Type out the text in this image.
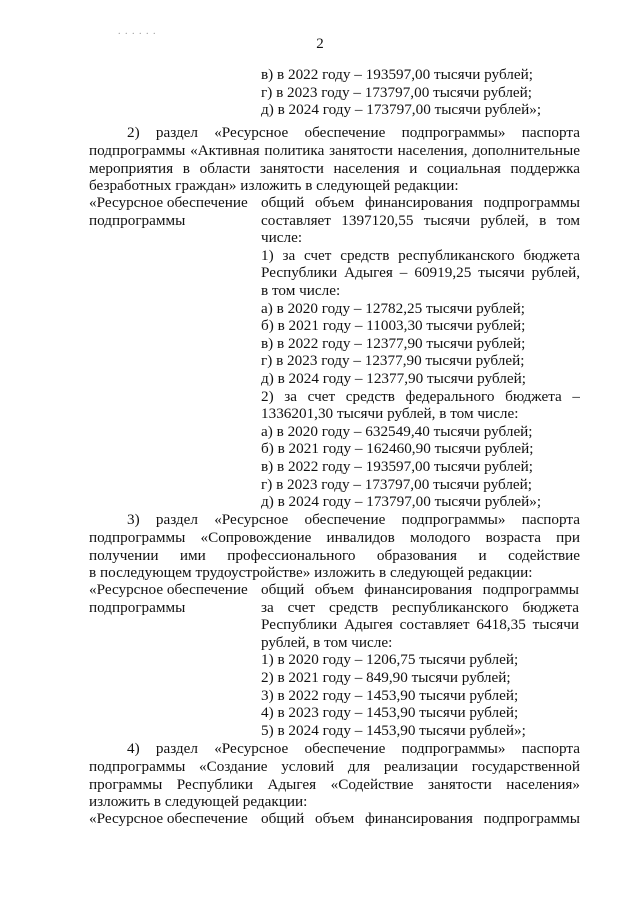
. . . . . .
2
в) в 2022 году – 193597,00 тысячи рублей;
г) в 2023 году – 173797,00 тысячи рублей;
д) в 2024 году – 173797,00 тысячи рублей»;
2) раздел «Ресурсное обеспечение подпрограммы» паспорта
подпрограммы «Активная политика занятости населения, дополнительные
мероприятия в области занятости населения и социальная поддержка
безработных граждан» изложить в следующей редакции:
«Ресурсное обеспечение
подпрограммы
общий объем финансирования подпрограммы
составляет 1397120,55 тысячи рублей, в том
числе:
1) за счет средств республиканского бюджета
Республики Адыгея – 60919,25 тысячи рублей,
в том числе:
а) в 2020 году – 12782,25 тысячи рублей;
б) в 2021 году – 11003,30 тысячи рублей;
в) в 2022 году – 12377,90 тысячи рублей;
г) в 2023 году – 12377,90 тысячи рублей;
д) в 2024 году – 12377,90 тысячи рублей;
2) за счет средств федерального бюджета –
1336201,30 тысячи рублей, в том числе:
а) в 2020 году – 632549,40 тысячи рублей;
б) в 2021 году – 162460,90 тысячи рублей;
в) в 2022 году – 193597,00 тысячи рублей;
г) в 2023 году – 173797,00 тысячи рублей;
д) в 2024 году – 173797,00 тысячи рублей»;
3) раздел «Ресурсное обеспечение подпрограммы» паспорта
подпрограммы «Сопровождение инвалидов молодого возраста при
получении ими профессионального образования и содействие
в последующем трудоустройстве» изложить в следующей редакции:
«Ресурсное обеспечение
подпрограммы
общий объем финансирования подпрограммы
за счет средств республиканского бюджета
Республики Адыгея составляет 6418,35 тысячи
рублей, в том числе:
1) в 2020 году – 1206,75 тысячи рублей;
2) в 2021 году – 849,90 тысячи рублей;
3) в 2022 году – 1453,90 тысячи рублей;
4) в 2023 году – 1453,90 тысячи рублей;
5) в 2024 году – 1453,90 тысячи рублей»;
4) раздел «Ресурсное обеспечение подпрограммы» паспорта
подпрограммы «Создание условий для реализации государственной
программы Республики Адыгея «Содействие занятости населения»
изложить в следующей редакции:
«Ресурсное обеспечение общий объем финансирования подпрограммы
